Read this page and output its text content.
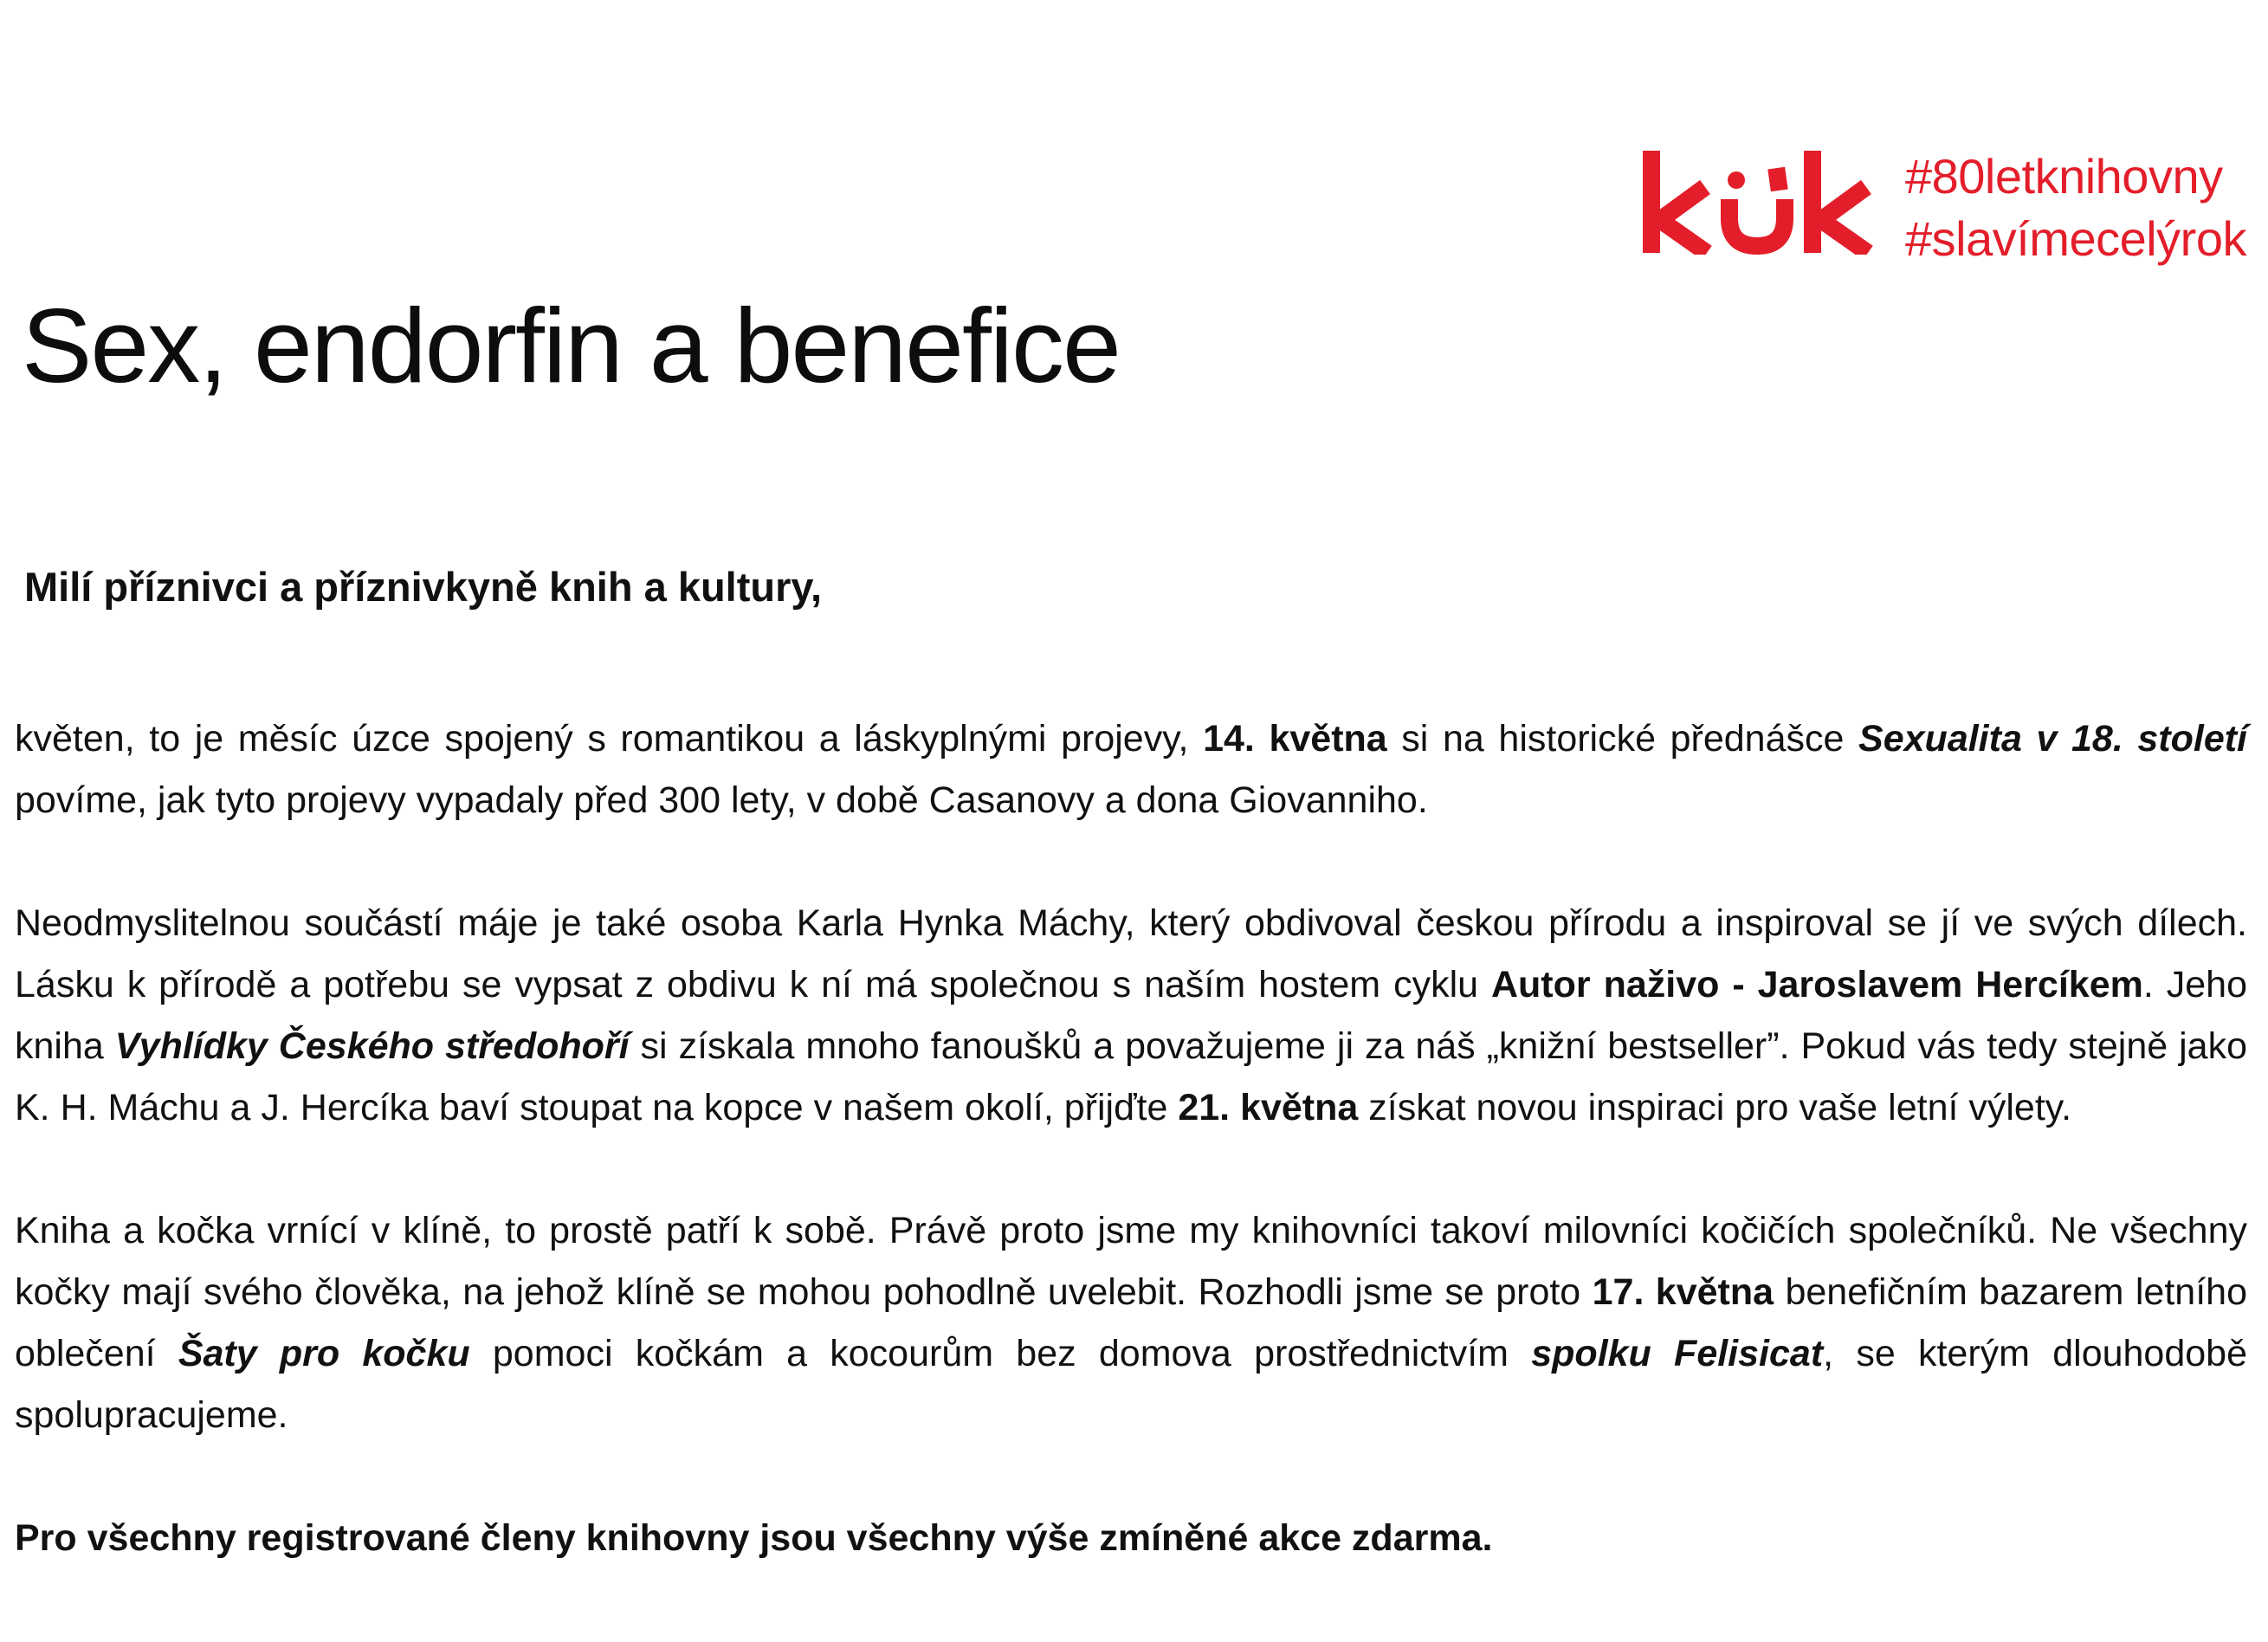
#80letknihovny
#slavímecelýrok
Sex, endorfin a benefice

Milí příznivci a příznivkyně knih a kultury,

květen, to je měsíc úzce spojený s romantikou a láskyplnými projevy, 14. května si na historické přednášce Sexualita v 18. století povíme, jak tyto projevy vypadaly před 300 lety, v době Casanovy a dona Giovanniho.

Neodmyslitelnou součástí máje je také osoba Karla Hynka Máchy, který obdivoval českou přírodu a inspiroval se jí ve svých dílech. Lásku k přírodě a potřebu se vypsat z obdivu k ní má společnou s naším hostem cyklu Autor naživo - Jaroslavem Hercíkem. Jeho kniha Vyhlídky Českého středohoří si získala mnoho fanoušků a považujeme ji za náš „knižní bestseller”. Pokud vás tedy stejně jako K. H. Máchu a J. Hercíka baví stoupat na kopce v našem okolí, přijďte 21. května získat novou inspiraci pro vaše letní výlety.

Kniha a kočka vrnící v klíně, to prostě patří k sobě. Právě proto jsme my knihovníci takoví milovníci kočičích společníků. Ne všechny kočky mají svého člověka, na jehož klíně se mohou pohodlně uvelebit. Rozhodli jsme se proto 17. května benefičním bazarem letního oblečení Šaty pro kočku pomoci kočkám a kocourům bez domova prostřednictvím spolku Felisicat, se kterým dlouhodobě spolupracujeme.

Pro všechny registrované členy knihovny jsou všechny výše zmíněné akce zdarma.
